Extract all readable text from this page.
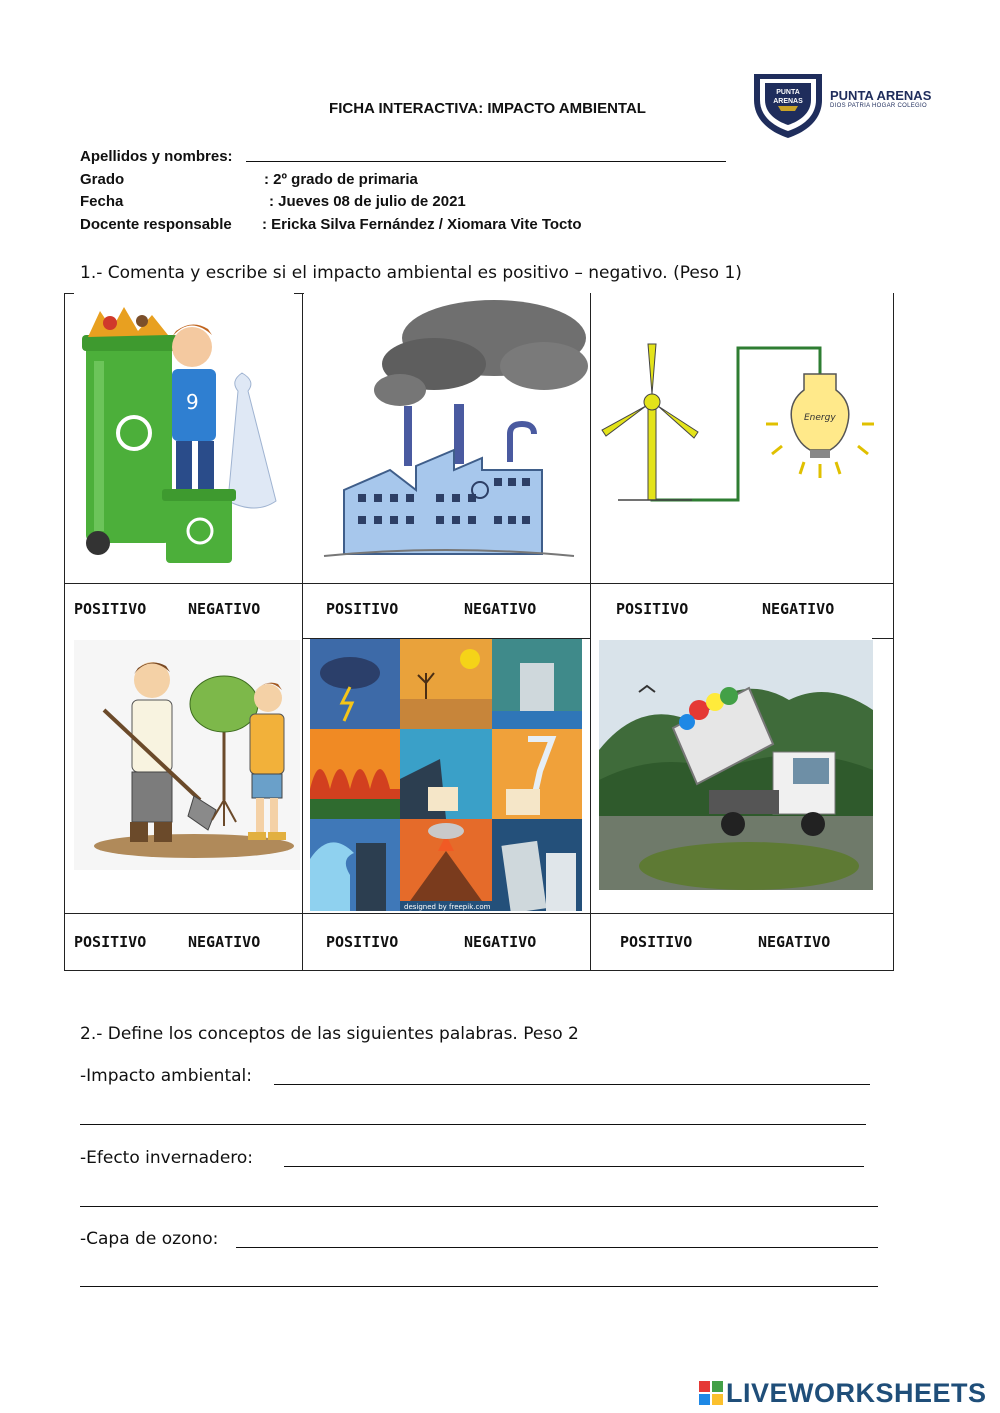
FICHA INTERACTIVA: IMPACTO AMBIENTAL
PUNTA
ARENAS PUNTA ARENAS
DIOS PATRIA HOGAR COLEGIO
Apellidos y nombres:
Grado	: 2º grado de primaria
Fecha	: Jueves 08 de julio de 2021
Docente responsable : Ericka Silva Fernández / Xiomara Vite Tocto
1.- Comenta y escribe si el impacto ambiental es positivo – negativo. (Peso 1)
9
POSITIVO	NEGATIVO	POSITIVO	NEGATIVO
Energy
POSITIVO	NEGATIVO
POSITIVO	NEGATIVO
designed by freepik.com
POSITIVO	NEGATIVO	POSITIVO	NEGATIVO
2.- Define los conceptos de las siguientes palabras. Peso 2
-Impacto ambiental:
-Efecto invernadero:
-Capa de ozono:
LIVEWORKSHEETS
